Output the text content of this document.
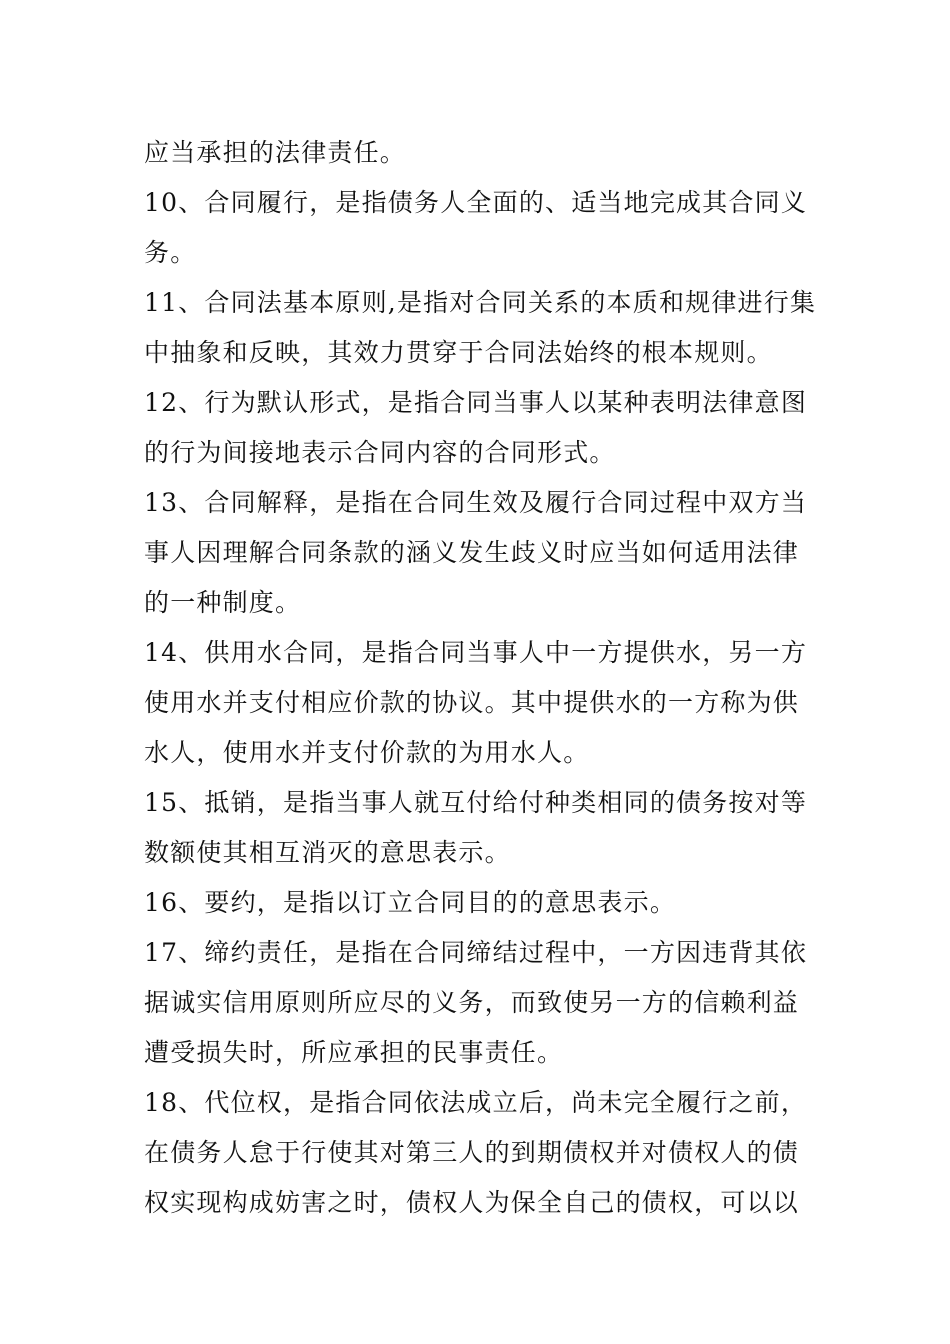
应当承担的法律责任。

10、合同履行，是指债务人全面的、适当地完成其合同义

务。

11、合同法基本原则,是指对合同关系的本质和规律进行集

中抽象和反映，其效力贯穿于合同法始终的根本规则。

12、行为默认形式，是指合同当事人以某种表明法律意图

的行为间接地表示合同内容的合同形式。

13、合同解释，是指在合同生效及履行合同过程中双方当

事人因理解合同条款的涵义发生歧义时应当如何适用法律

的一种制度。

14、供用水合同，是指合同当事人中一方提供水，另一方

使用水并支付相应价款的协议。其中提供水的一方称为供

水人，使用水并支付价款的为用水人。

15、抵销，是指当事人就互付给付种类相同的债务按对等

数额使其相互消灭的意思表示。

16、要约，是指以订立合同目的的意思表示。

17、缔约责任，是指在合同缔结过程中，一方因违背其依

据诚实信用原则所应尽的义务，而致使另一方的信赖利益

遭受损失时，所应承担的民事责任。

18、代位权，是指合同依法成立后，尚未完全履行之前，

在债务人怠于行使其对第三人的到期债权并对债权人的债

权实现构成妨害之时，债权人为保全自己的债权，可以以
